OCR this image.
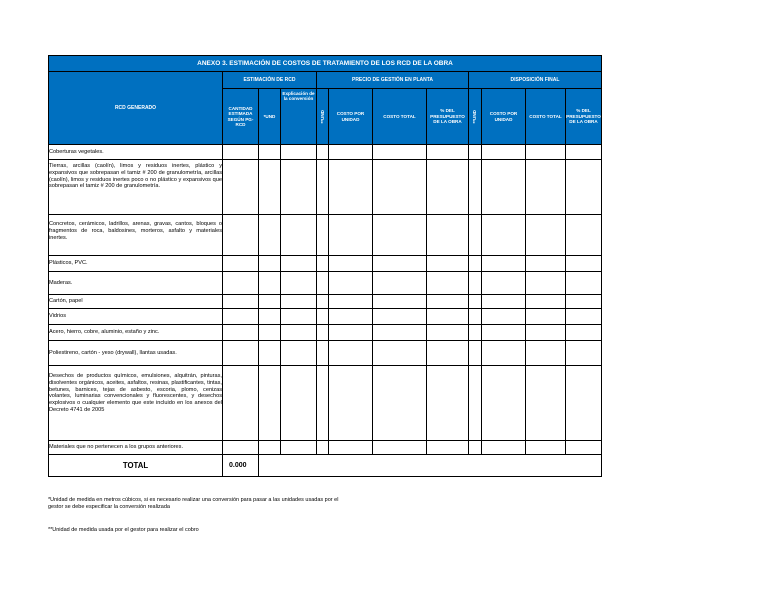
ANEXO 3. ESTIMACIÓN DE COSTOS DE TRATAMIENTO DE LOS RCD DE LA OBRA											
RCD GENERADO	ESTIMACIÓN DE RCD			PRECIO DE GESTIÓN EN PLANTA				DISPOSICIÓN FINAL			
	CANTIDAD ESTIMADA SEGÚN PG-RCD	*UND	Explicación de la conversión	**UND	COSTO POR UNIDAD	COSTO TOTAL	% DEL PRESUPUESTO DE LA OBRA	**UND	COSTO POR UNIDAD	COSTO TOTAL	% DEL PRESUPUESTO DE LA OBRA
Coberturas vegetales.											
Tierras, arcillas (caolín), limos y residuos inertes, plástico y expansivos que sobrepasan el tamiz # 200 de granulometría, arcillas (caolín), limos y residuos inertes poco o no plástico y expansivos que sobrepasan el tamiz # 200 de granulometría.											
Concretos, cerámicos, ladrillos, arenas, gravas, cantos, bloques o fragmentos de roca, baldosines, morteros, asfalto y materiales inertes.											
Plásticos, PVC.											
Maderas.											
Cartón, papel											
Vidrios											
Acero, hierro, cobre, aluminio, estaño y zinc.											
Poliestireno, cartón - yeso (drywall), llantas usadas.											
Desechos de productos químicos, emulsiones, alquitrán, pinturas, disolventes orgánicos, aceites, asfaltos, resinas, plastificantes, tintas, betunes, barnices, tejas de asbesto, escoria, plomo, cenizas volantes, luminarias convencionales y fluorescentes, y desechos explosivos o cualquier elemento que este incluido en los anexos del Decreto 4741 de 2005											
Materiales que no pertenecen a los grupos anteriores.											
TOTAL	0.000										
*Unidad de medida en metros cúbicos, si es necesario realizar una conversión para pasar a las unidades usadas por el gestor se debe especificar la conversión realizada
**Unidad de medida usada por el gestor para realizar el cobro
